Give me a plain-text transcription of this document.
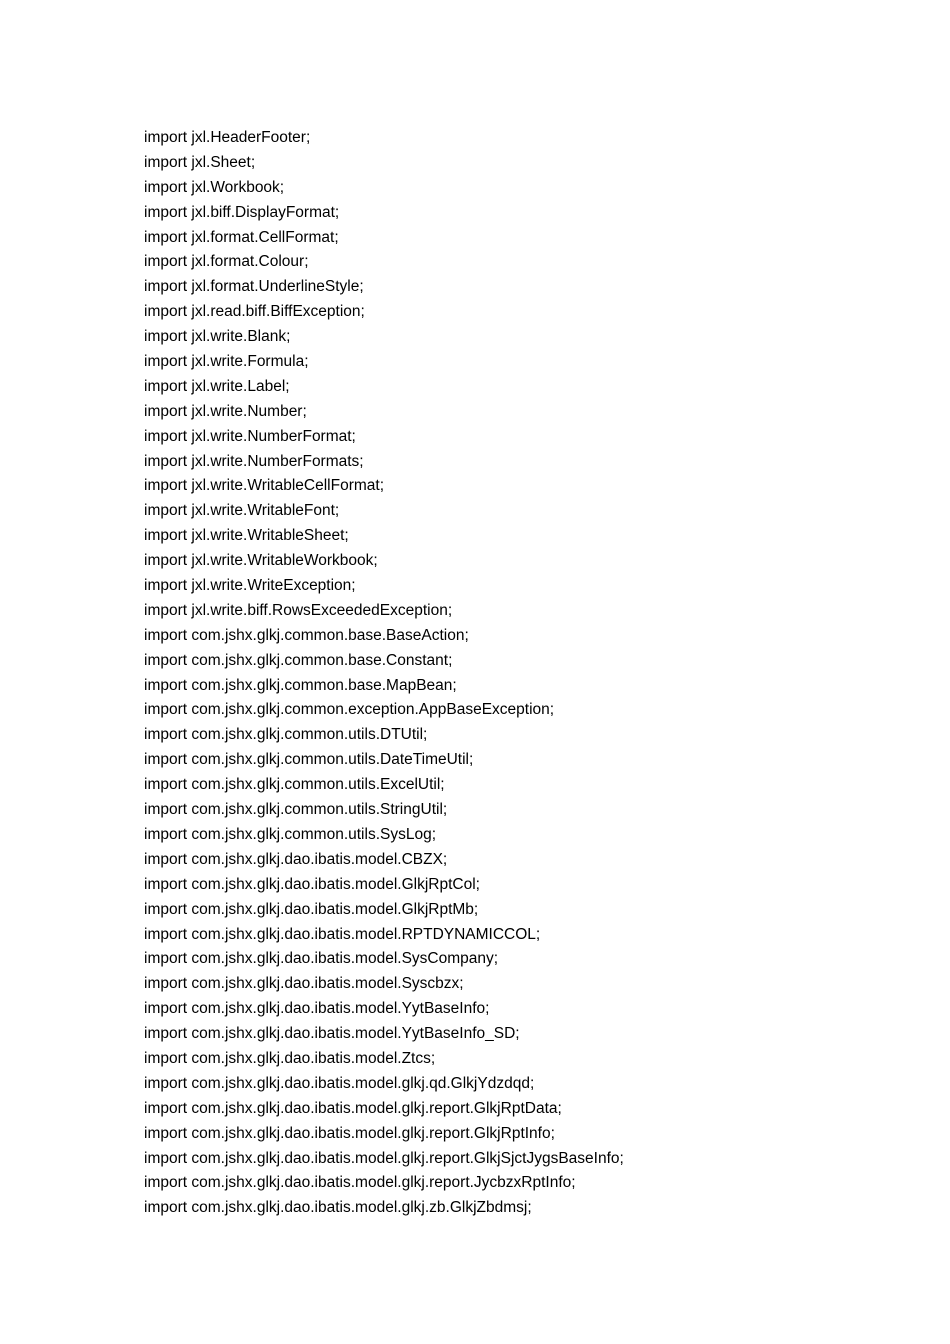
import jxl.HeaderFooter;
import jxl.Sheet;
import jxl.Workbook;
import jxl.biff.DisplayFormat;
import jxl.format.CellFormat;
import jxl.format.Colour;
import jxl.format.UnderlineStyle;
import jxl.read.biff.BiffException;
import jxl.write.Blank;
import jxl.write.Formula;
import jxl.write.Label;
import jxl.write.Number;
import jxl.write.NumberFormat;
import jxl.write.NumberFormats;
import jxl.write.WritableCellFormat;
import jxl.write.WritableFont;
import jxl.write.WritableSheet;
import jxl.write.WritableWorkbook;
import jxl.write.WriteException;
import jxl.write.biff.RowsExceededException;
import com.jshx.glkj.common.base.BaseAction;
import com.jshx.glkj.common.base.Constant;
import com.jshx.glkj.common.base.MapBean;
import com.jshx.glkj.common.exception.AppBaseException;
import com.jshx.glkj.common.utils.DTUtil;
import com.jshx.glkj.common.utils.DateTimeUtil;
import com.jshx.glkj.common.utils.ExcelUtil;
import com.jshx.glkj.common.utils.StringUtil;
import com.jshx.glkj.common.utils.SysLog;
import com.jshx.glkj.dao.ibatis.model.CBZX;
import com.jshx.glkj.dao.ibatis.model.GlkjRptCol;
import com.jshx.glkj.dao.ibatis.model.GlkjRptMb;
import com.jshx.glkj.dao.ibatis.model.RPTDYNAMICCOL;
import com.jshx.glkj.dao.ibatis.model.SysCompany;
import com.jshx.glkj.dao.ibatis.model.Syscbzx;
import com.jshx.glkj.dao.ibatis.model.YytBaseInfo;
import com.jshx.glkj.dao.ibatis.model.YytBaseInfo_SD;
import com.jshx.glkj.dao.ibatis.model.Ztcs;
import com.jshx.glkj.dao.ibatis.model.glkj.qd.GlkjYdzdqd;
import com.jshx.glkj.dao.ibatis.model.glkj.report.GlkjRptData;
import com.jshx.glkj.dao.ibatis.model.glkj.report.GlkjRptInfo;
import com.jshx.glkj.dao.ibatis.model.glkj.report.GlkjSjctJygsBaseInfo;
import com.jshx.glkj.dao.ibatis.model.glkj.report.JycbzxRptInfo;
import com.jshx.glkj.dao.ibatis.model.glkj.zb.GlkjZbdmsj;
